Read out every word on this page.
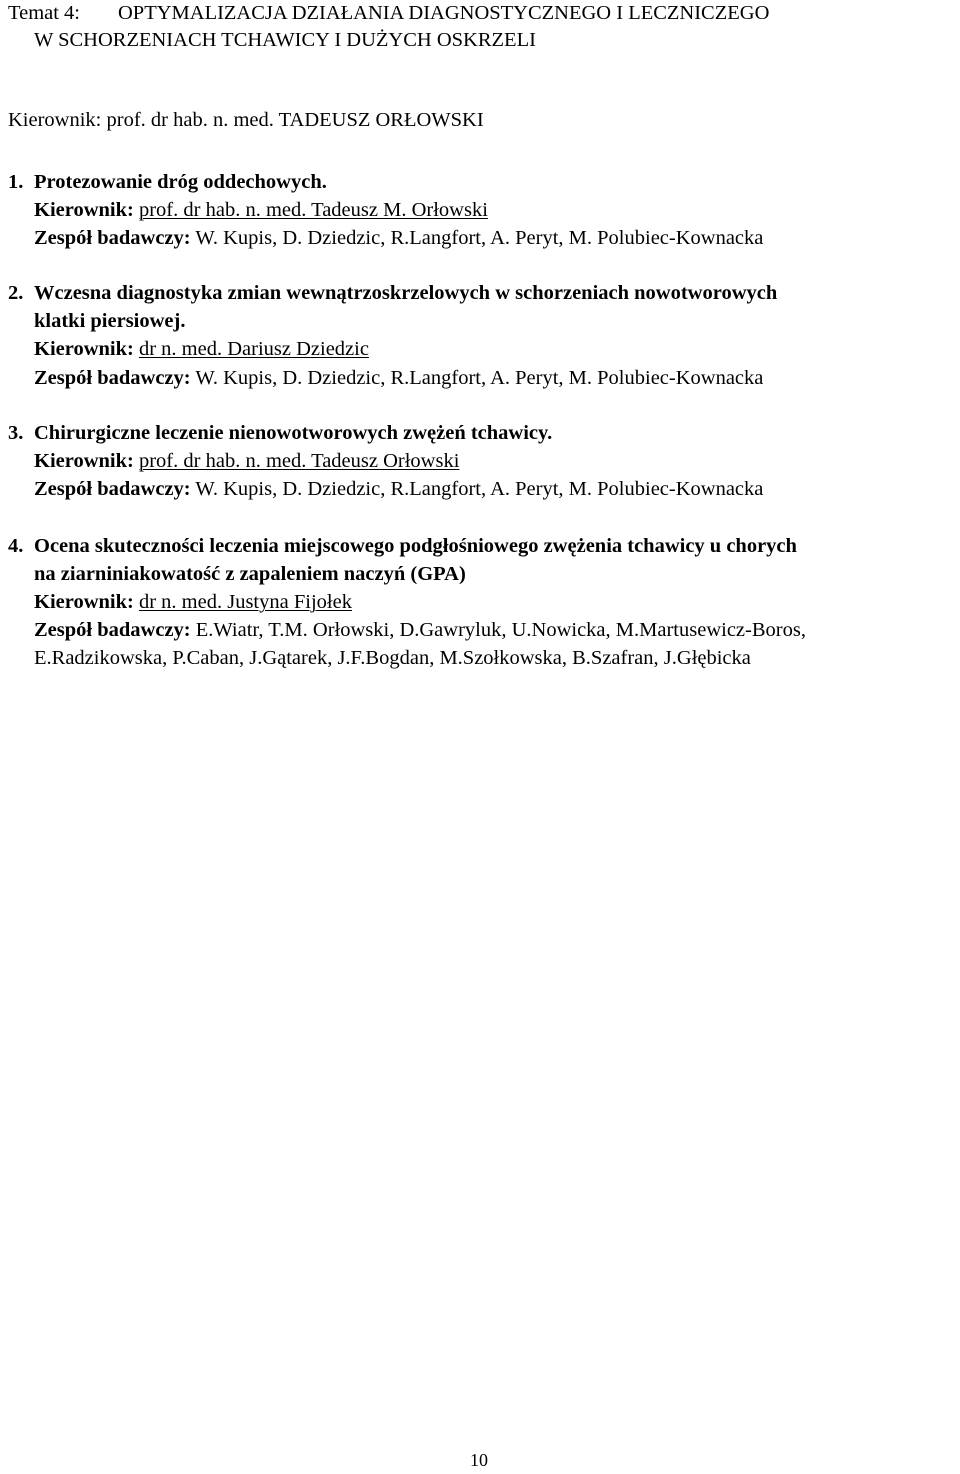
Temat 4: OPTYMALIZACJA DZIAŁANIA DIAGNOSTYCZNEGO I LECZNICZEGO
W SCHORZENIACH TCHAWICY I DUŻYCH OSKRZELI
Kierownik: prof. dr hab. n. med. TADEUSZ ORŁOWSKI
1. Protezowanie dróg oddechowych.
Kierownik: prof. dr hab. n. med. Tadeusz M. Orłowski
Zespół badawczy: W. Kupis, D. Dziedzic, R.Langfort, A. Peryt, M. Polubiec-Kownacka
2. Wczesna diagnostyka zmian wewnątrzoskrzelowych w schorzeniach nowotworowych
klatki piersiowej.
Kierownik: dr n. med. Dariusz Dziedzic
Zespół badawczy: W. Kupis, D. Dziedzic, R.Langfort, A. Peryt, M. Polubiec-Kownacka
3. Chirurgiczne leczenie nienowotworowych zwężeń tchawicy.
Kierownik: prof. dr hab. n. med. Tadeusz Orłowski
Zespół badawczy: W. Kupis, D. Dziedzic, R.Langfort, A. Peryt, M. Polubiec-Kownacka
4. Ocena skuteczności leczenia miejscowego podgłośniowego zwężenia tchawicy u chorych
na ziarniniakowatość z zapaleniem naczyń (GPA)
Kierownik: dr n. med. Justyna Fijołek
Zespół badawczy: E.Wiatr, T.M. Orłowski, D.Gawryluk, U.Nowicka, M.Martusewicz-Boros,
E.Radzikowska, P.Caban, J.Gątarek, J.F.Bogdan, M.Szołkowska, B.Szafran, J.Głębicka
10
